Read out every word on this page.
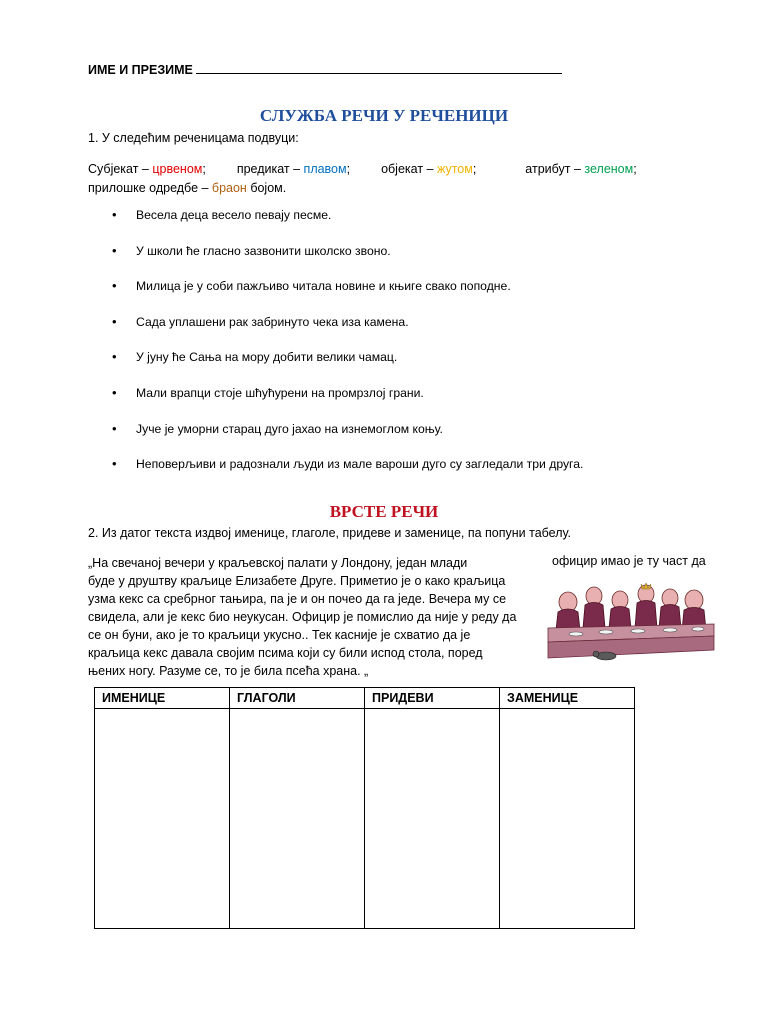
ИМЕ И ПРЕЗИМЕ
СЛУЖБА РЕЧИ У РЕЧЕНИЦИ
1. У следећим реченицама подвуци:
Субјекат – црвеном; предикат – плавом; објекат – жутом;	атрибут – зеленом;
прилошке одредбе – браон бојом.
• Весела деца весело певају песме.
• У школи ће гласно зазвонити школско звоно.
• Милица је у соби пажљиво читала новине и књиге свако поподне.
• Сада уплашени рак забринуто чека иза камена.
• У јуну ће Сања на мору добити велики чамац.
• Мали врапци стоје шћућурени на промрзлој грани.
• Јуче је уморни старац дуго јахао на изнемоглом коњу.
• Неповерљиви и радознали људи из мале вароши дуго су загледали три друга.
ВРСТЕ РЕЧИ
2. Из датог текста издвој именице, глаголе, придеве и заменице, па попуни табелу.
„На свечаној вечери у краљевској палати у Лондону, један млади
буде у друштву краљице Елизабете Друге. Приметио је о како краљица
узма кекс са сребрног тањира, па је и он почео да га једе. Вечера му се
свидела, али је кекс био неукусан. Официр је помислио да није у реду да
се он буни, ако је то краљици укусно.. Тек касније је схватио да је
краљица кекс давала својим псима који су били испод стола, поред
њених ногу. Разуме се, то је била псећа храна. „
официр имао је ту част да
ИМЕНИЦЕ	ГЛАГОЛИ	ПРИДЕВИ	ЗАМЕНИЦЕ
